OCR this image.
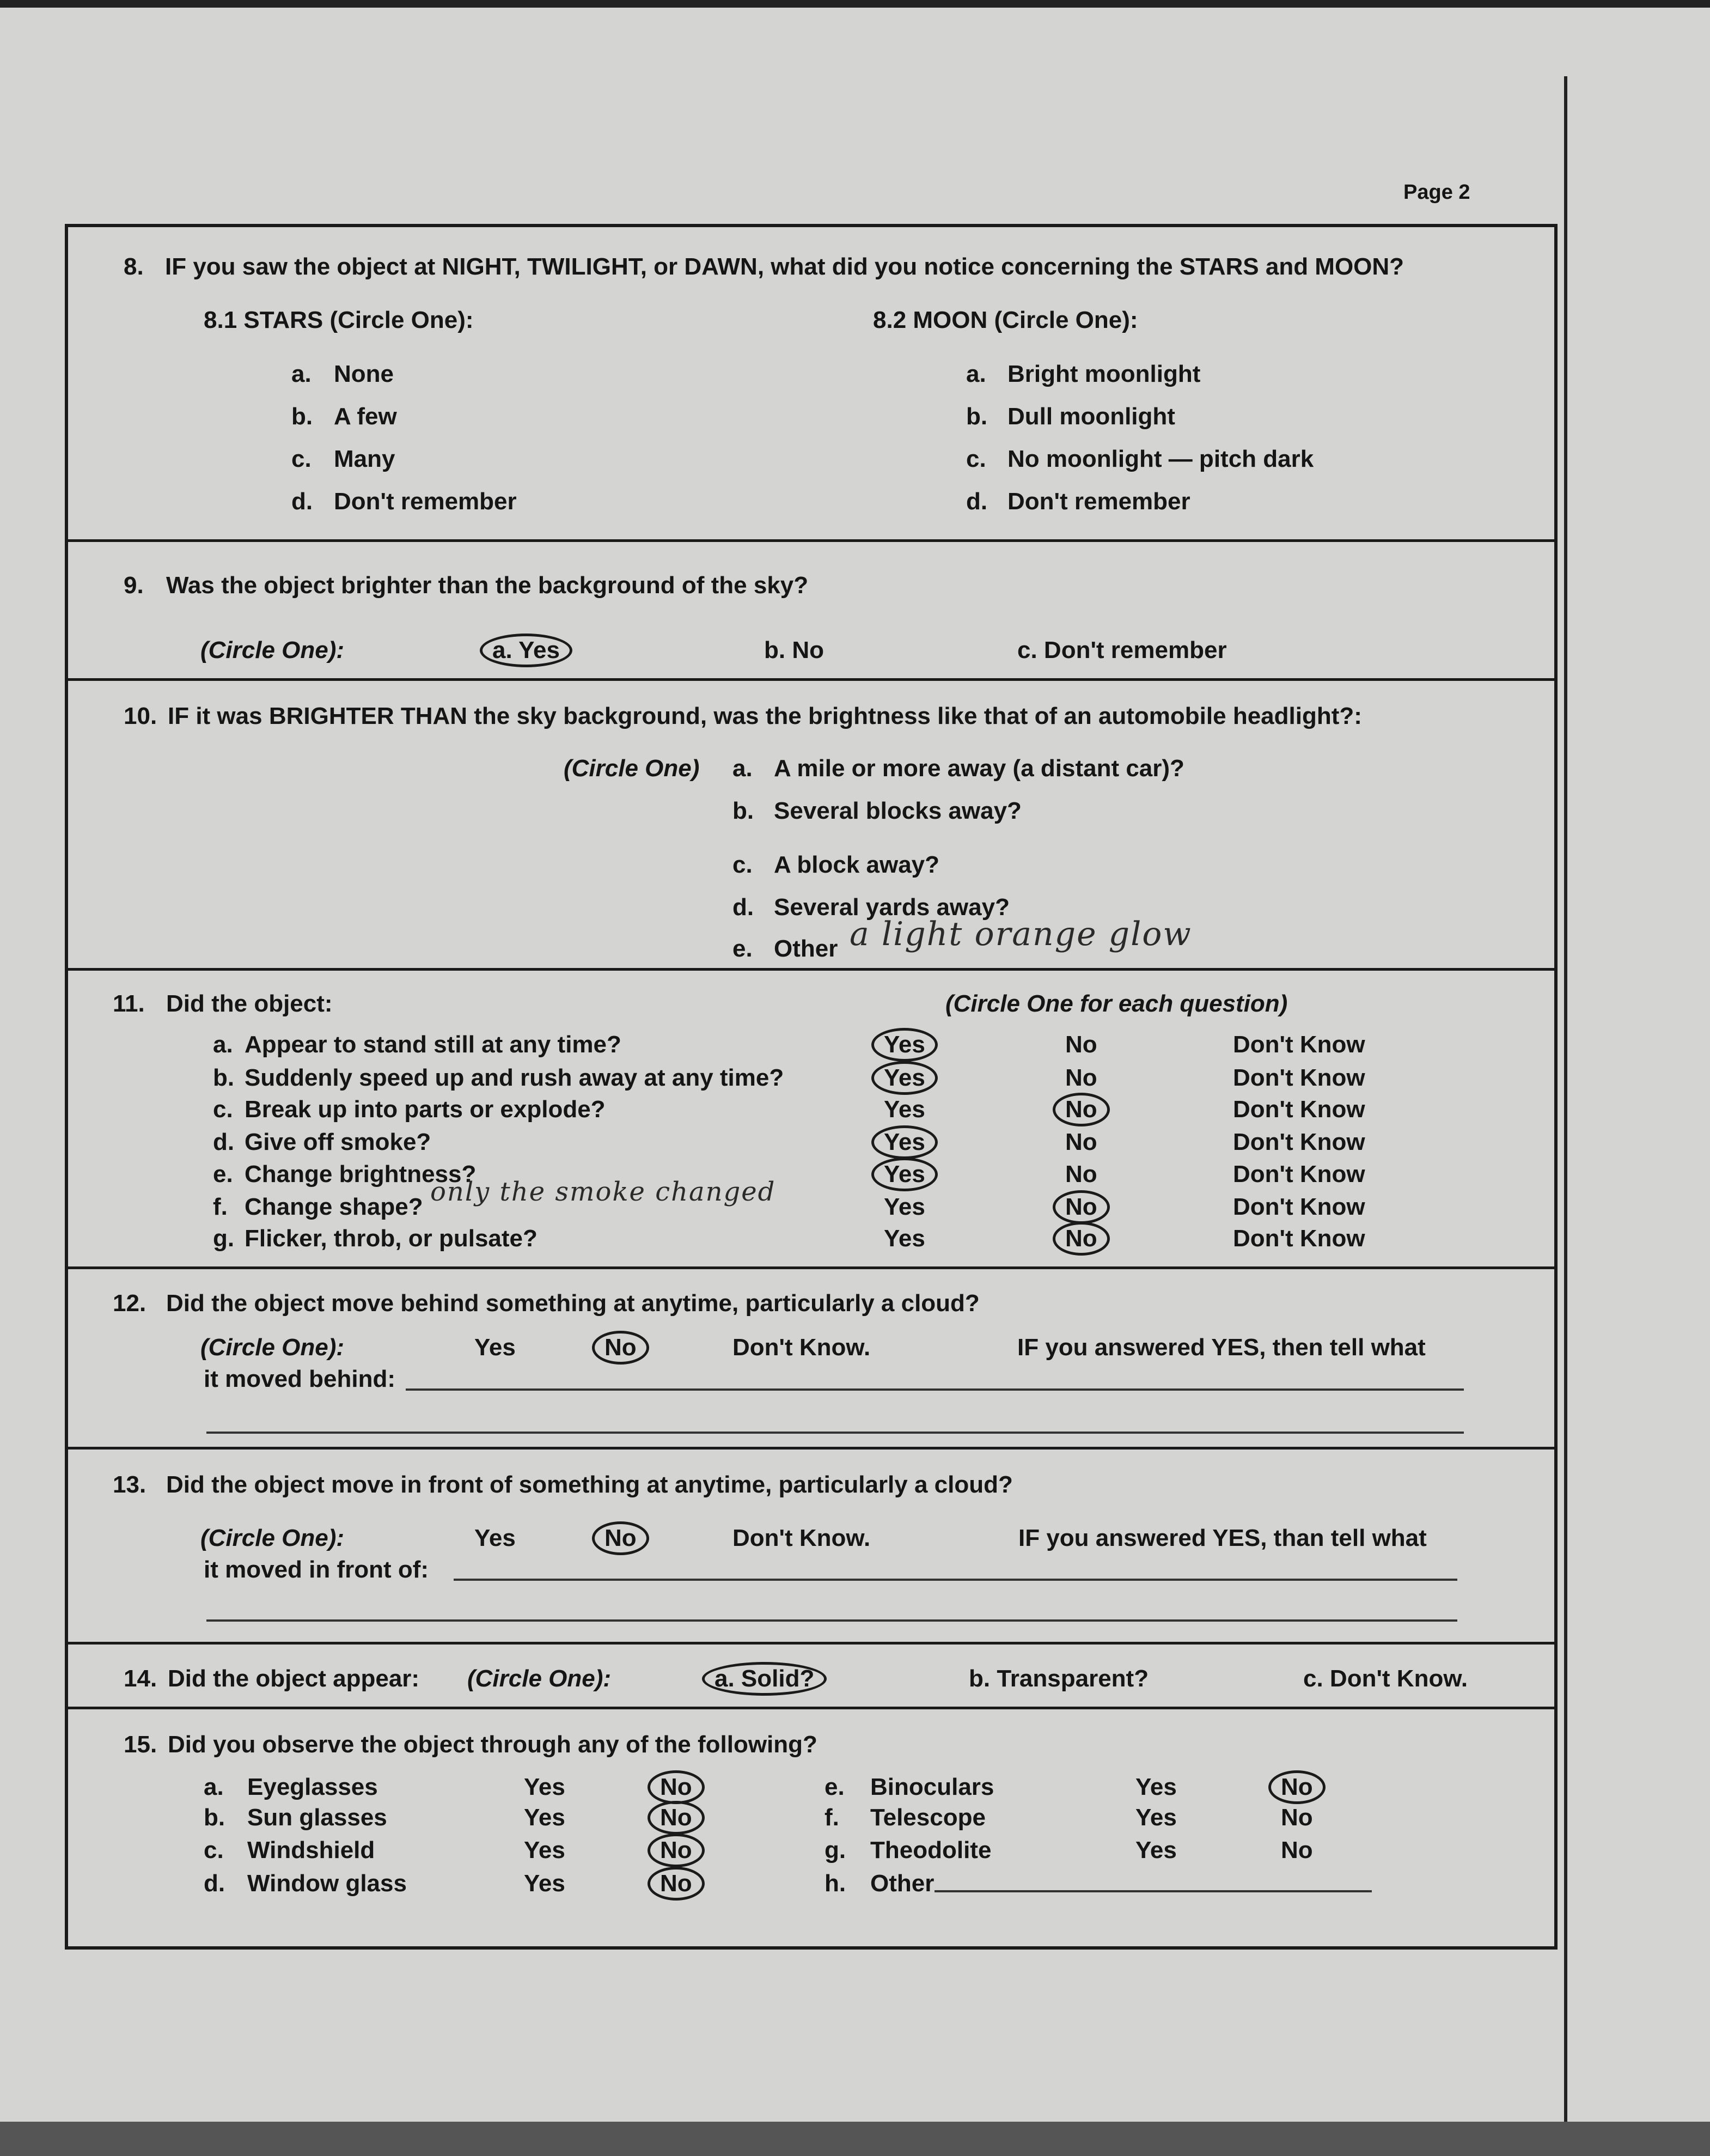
Page 2
8. IF you saw the object at NIGHT, TWILIGHT, or DAWN, what did you notice concerning the STARS and MOON?
8.1 STARS (Circle One):	8.2 MOON (Circle One):
a. None
b. A few
c. Many
d. Don't remember
a. Bright moonlight
b. Dull moonlight
c. No moonlight — pitch dark
d. Don't remember
9. Was the object brighter than the background of the sky?
(Circle One):	a. Yes	b. No	c. Don't remember
10. IF it was BRIGHTER THAN the sky background, was the brightness like that of an automobile headlight?:
(Circle One) a. A mile or more away (a distant car)?
b. Several blocks away?
c. A block away?
d. Several yards away?
e. Other a light orange glow
11. Did the object:	(Circle One for each question)
a. Appear to stand still at any time?	Yes	No	Don't Know
b. Suddenly speed up and rush away at any time?	Yes	No	Don't Know
c. Break up into parts or explode?	Yes	No	Don't Know
d. Give off smoke?	Yes	No	Don't Know
e. Change brightness?	Yes	No	Don't Know
f. Change shape?	Yes	No	Don't Know
g. Flicker, throb, or pulsate?	Yes	No	Don't Know
only the smoke changed
12. Did the object move behind something at anytime, particularly a cloud?
(Circle One):	Yes	No	Don't Know.	IF you answered YES, then tell what
it moved behind:
13. Did the object move in front of something at anytime, particularly a cloud?
(Circle One):	Yes	No	Don't Know.	IF you answered YES, than tell what
it moved in front of:
14. Did the object appear: (Circle One):	a. Solid?	b. Transparent?	c. Don't Know.
15. Did you observe the object through any of the following?
a. Eyeglasses	Yes	No
b. Sun glasses	Yes	No
c. Windshield	Yes	No
d. Window glass	Yes	No
e. Binoculars	Yes	No
f. Telescope	Yes	No
g. Theodolite	Yes	No
h. Other
